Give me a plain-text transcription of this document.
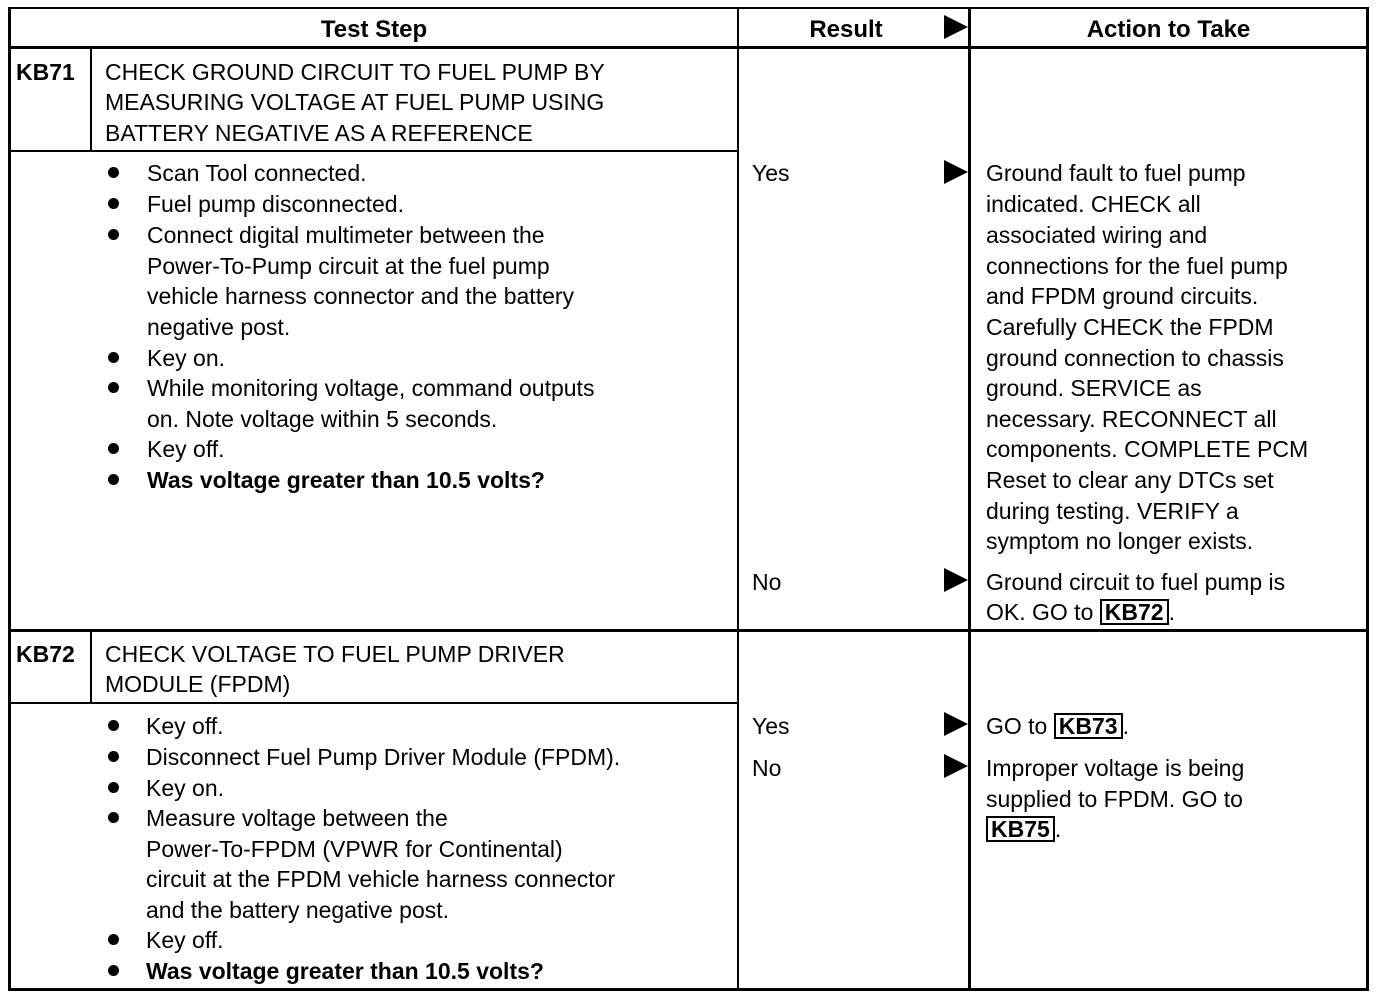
Test Step	Result	Action to Take
KB71 CHECK GROUND CIRCUIT TO FUEL PUMP BY
MEASURING VOLTAGE AT FUEL PUMP USING
BATTERY NEGATIVE AS A REFERENCE
Scan Tool connected.
Fuel pump disconnected.
Connect digital multimeter between the
Power-To-Pump circuit at the fuel pump
vehicle harness connector and the battery
negative post.
Key on.
While monitoring voltage, command outputs
on. Note voltage within 5 seconds.
Key off.
Was voltage greater than 10.5 volts?
Yes	Ground fault to fuel pump
indicated. CHECK all
associated wiring and
connections for the fuel pump
and FPDM ground circuits.
Carefully CHECK the FPDM
ground connection to chassis
ground. SERVICE as
necessary. RECONNECT all
components. COMPLETE PCM
Reset to clear any DTCs set
during testing. VERIFY a
symptom no longer exists.
No	Ground circuit to fuel pump is
OK. GO to KB72 .
KB72 CHECK VOLTAGE TO FUEL PUMP DRIVER
MODULE (FPDM)
Key off.
Disconnect Fuel Pump Driver Module (FPDM).
Key on.
Measure voltage between the
Power-To-FPDM (VPWR for Continental)
circuit at the FPDM vehicle harness connector
and the battery negative post.
Key off.
Was voltage greater than 10.5 volts?
Yes	GO to KB73 .
No	Improper voltage is being
supplied to FPDM. GO to
KB75 .
